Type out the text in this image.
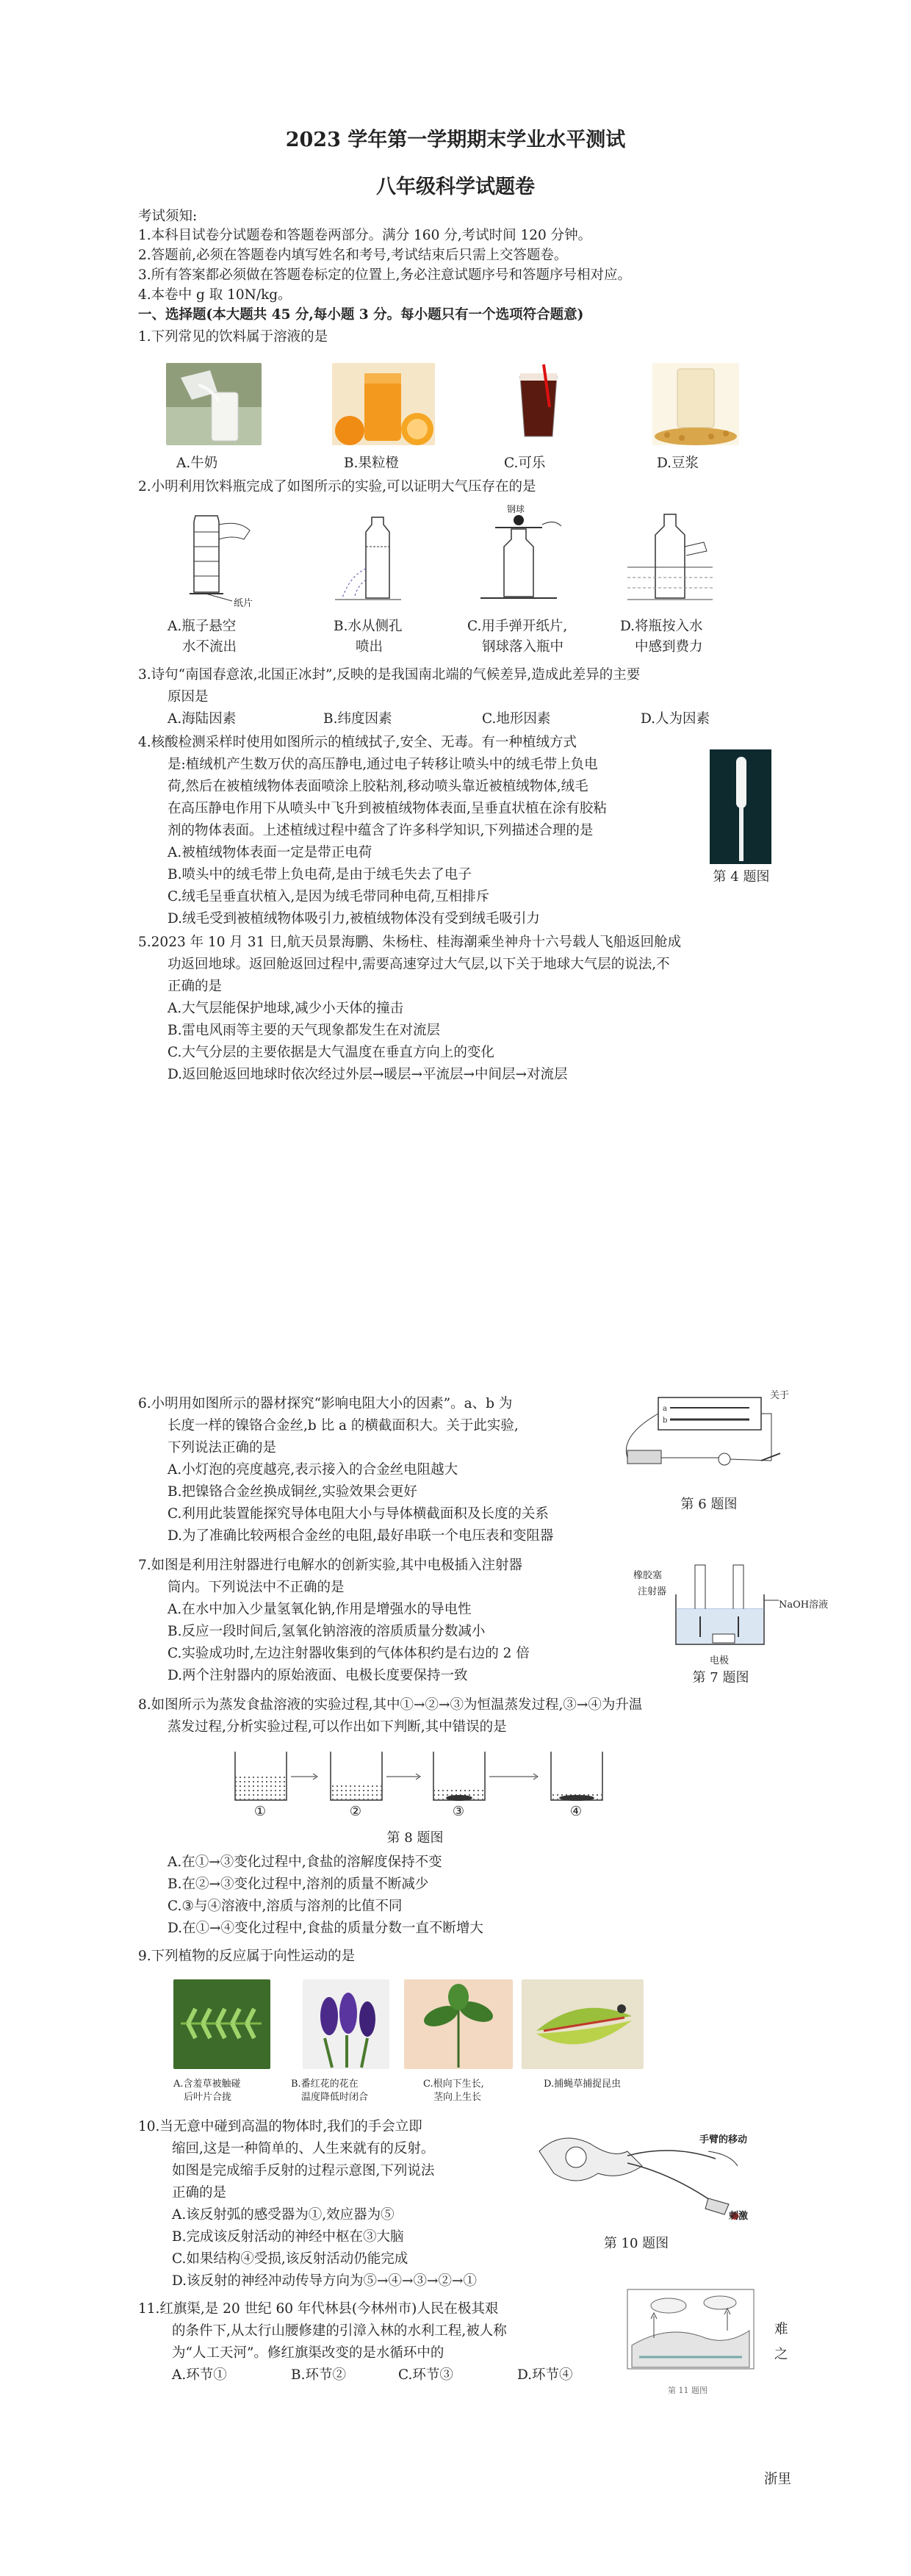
2023 学年第一学期期末学业水平测试
八年级科学试题卷
考试须知:
1.本科目试卷分试题卷和答题卷两部分。满分 160 分,考试时间 120 分钟。
2.答题前,必须在答题卷内填写姓名和考号,考试结束后只需上交答题卷。
3.所有答案都必须做在答题卷标定的位置上,务必注意试题序号和答题序号相对应。
4.本卷中 g 取 10N/kg。
一、选择题(本大题共 45 分,每小题 3 分。每小题只有一个选项符合题意)
1.下列常见的饮料属于溶液的是
A.牛奶	B.果粒橙	C.可乐	D.豆浆
2.小明利用饮料瓶完成了如图所示的实验,可以证明大气压存在的是
纸片
钢球
A.瓶子悬空
水不流出
B.水从侧孔
喷出
C.用手弹开纸片,
钢球落入瓶中
D.将瓶按入水
中感到费力
3.诗句“南国春意浓,北国正冰封”,反映的是我国南北端的气候差异,造成此差异的主要
原因是
A.海陆因素	B.纬度因素	C.地形因素	D.人为因素
4.核酸检测采样时使用如图所示的植绒拭子,安全、无毒。有一种植绒方式
是:植绒机产生数万伏的高压静电,通过电子转移让喷头中的绒毛带上负电
荷,然后在被植绒物体表面喷涂上胶粘剂,移动喷头靠近被植绒物体,绒毛
在高压静电作用下从喷头中飞升到被植绒物体表面,呈垂直状植在涂有胶粘
剂的物体表面。上述植绒过程中蕴含了许多科学知识,下列描述合理的是
A.被植绒物体表面一定是带正电荷
B.喷头中的绒毛带上负电荷,是由于绒毛失去了电子
C.绒毛呈垂直状植入,是因为绒毛带同种电荷,互相排斥
D.绒毛受到被植绒物体吸引力,被植绒物体没有受到绒毛吸引力
第 4 题图
5.2023 年 10 月 31 日,航天员景海鹏、朱杨柱、桂海潮乘坐神舟十六号载人飞船返回舱成
功返回地球。返回舱返回过程中,需要高速穿过大气层,以下关于地球大气层的说法,不
正确的是
A.大气层能保护地球,减少小天体的撞击
B.雷电风雨等主要的天气现象都发生在对流层
C.大气分层的主要依据是大气温度在垂直方向上的变化
D.返回舱返回地球时依次经过外层→暖层→平流层→中间层→对流层
6.小明用如图所示的器材探究“影响电阻大小的因素”。a、b 为
长度一样的镍铬合金丝,b 比 a 的横截面积大。关于此实验,
下列说法正确的是
A.小灯泡的亮度越亮,表示接入的合金丝电阻越大
B.把镍铬合金丝换成铜丝,实验效果会更好
C.利用此装置能探究导体电阻大小与导体横截面积及长度的关系
D.为了准确比较两根合金丝的电阻,最好串联一个电压表和变阻器
a
b
关于
第 6 题图
7.如图是利用注射器进行电解水的创新实验,其中电极插入注射器
筒内。下列说法中不正确的是
A.在水中加入少量氢氧化钠,作用是增强水的导电性
B.反应一段时间后,氢氧化钠溶液的溶质质量分数减小
C.实验成功时,左边注射器收集到的气体体积约是右边的 2 倍
D.两个注射器内的原始液面、电极长度要保持一致
橡胶塞
注射器
NaOH溶液
电极
第 7 题图
8.如图所示为蒸发食盐溶液的实验过程,其中①→②→③为恒温蒸发过程,③→④为升温
蒸发过程,分析实验过程,可以作出如下判断,其中错误的是
①	②	③	④
第 8 题图
A.在①→③变化过程中,食盐的溶解度保持不变
B.在②→③变化过程中,溶剂的质量不断减少
C.③与④溶液中,溶质与溶剂的比值不同
D.在①→④变化过程中,食盐的质量分数一直不断增大
9.下列植物的反应属于向性运动的是
A.含羞草被触碰
后叶片合拢
B.番红花的花在
温度降低时闭合
C.根向下生长,
茎向上生长
D.捕蝇草捕捉昆虫
10.当无意中碰到高温的物体时,我们的手会立即
缩回,这是一种简单的、人生来就有的反射。
如图是完成缩手反射的过程示意图,下列说法
正确的是
A.该反射弧的感受器为①,效应器为⑤
B.完成该反射活动的神经中枢在③大脑
C.如果结构④受损,该反射活动仍能完成
D.该反射的神经冲动传导方向为⑤→④→③→②→①
手臂的移动
刺激
第 10 题图
11.红旗渠,是 20 世纪 60 年代林县(今林州市)人民在极其艰
的条件下,从太行山腰修建的引漳入林的水利工程,被人称
为“人工天河”。修红旗渠改变的是水循环中的
A.环节①	B.环节②	C.环节③	D.环节④
第 11 题图
难
之
浙里
